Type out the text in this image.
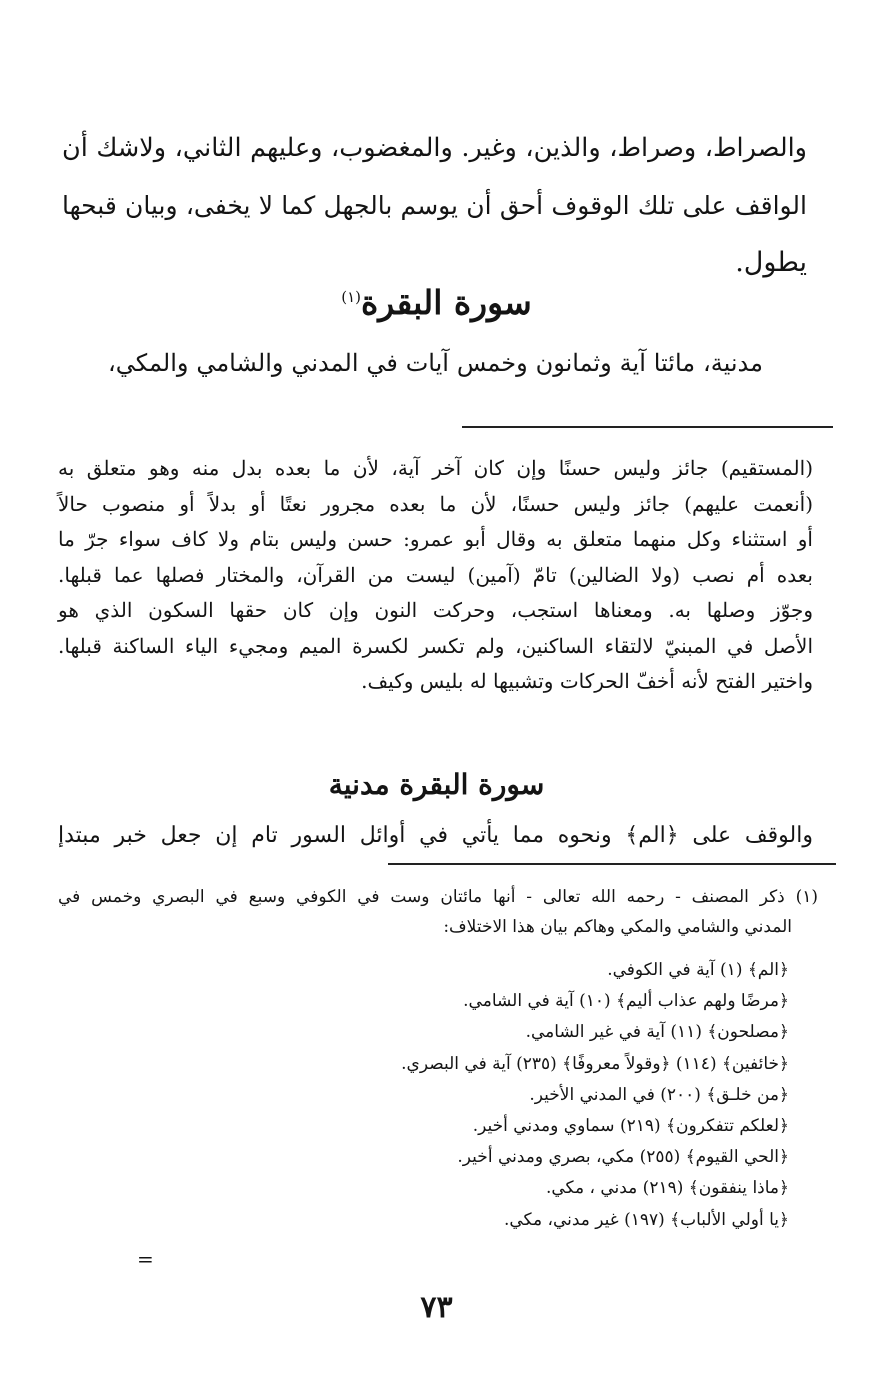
والصراط، وصراط، والذين، وغير. والمغضوب، وعليهم الثاني، ولاشك أن
الواقف على تلك الوقوف أحق أن يوسم بالجهل كما لا يخفى، وبيان قبحها
يطول.
سورة البقرة$^{(١)}$
مدنية، مائتا آية وثمانون وخمس آيات في المدني والشامي والمكي،
(المستقيم) جائز وليس حسنًا وإن كان آخر آية، لأن ما بعده بدل منه وهو متعلق به
(أنعمت عليهم) جائز وليس حسنًا، لأن ما بعده مجرور نعتًا أو بدلاً أو منصوب حالاً
أو استثناء وكل منهما متعلق به وقال أبو عمرو: حسن وليس بتام ولا كاف سواء جرّ ما
بعده أم نصب (ولا الضالين) تامّ (آمين) ليست من القرآن، والمختار فصلها عما قبلها.
وجوّز وصلها به. ومعناها استجب، وحركت النون وإن كان حقها السكون الذي هو
الأصل في المبنيّ لالتقاء الساكنين، ولم تكسر لكسرة الميم ومجيء الياء الساكنة قبلها.
واختير الفتح لأنه أخفّ الحركات وتشبيها له بليس وكيف.
سورة البقرة مدنية
والوقف على ﴿الم﴾ ونحوه مما يأتي في أوائل السور تام إن جعل خبر مبتدإ
(١) ذكر المصنف - رحمه الله تعالى - أنها مائتان وست في الكوفي وسبع في البصري وخمس في
المدني والشامي والمكي وهاكم بيان هذا الاختلاف:
﴿الم﴾ (١) آية في الكوفي.
﴿مرضًا ولهم عذاب أليم﴾ (١٠) آية في الشامي.
﴿مصلحون﴾ (١١) آية في غير الشامي.
﴿خائفين﴾ (١١٤) ﴿وقولاً معروفًا﴾ (٢٣٥) آية في البصري.
﴿من خلـق﴾ (٢٠٠) في المدني الأخير.
﴿لعلكم تتفكرون﴾ (٢١٩) سماوي ومدني أخير.
﴿الحي القيوم﴾ (٢٥٥) مكي، بصري ومدني أخير.
﴿ماذا ينفقون﴾ (٢١٩) مدني ، مكي.
﴿يا أولي الألباب﴾ (١٩٧) غير مدني، مكي.
=
٧٣
